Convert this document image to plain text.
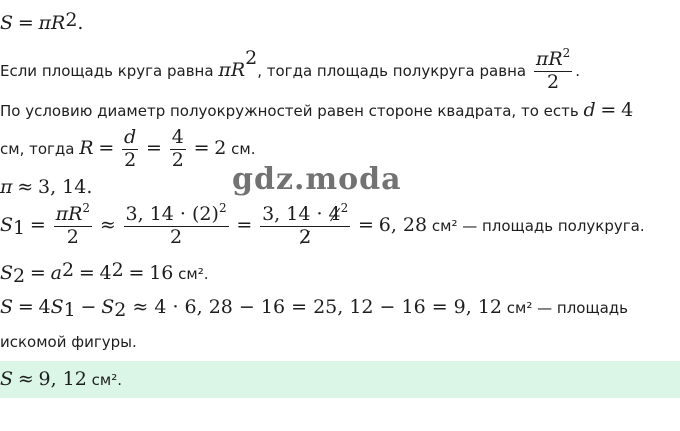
$S = \pi R^2$.
Если площадь круга равна $\pi R^2$, тогда площадь полукруга равна $\frac{\pi R^2}{2}$ .
По условию диаметр полуокружностей равен стороне квадрата, то есть d = 4
см, тогда $R = \frac{d}{2} = \frac{4}{2} = 2$ см.
π ≈ 3, 14.	gdz.moda
$S_1 = \frac{\pi R^2}{2} \approx \frac{3, 14 \cdot (2)^2}{2} = \frac{3, 14 \cdot 4^2}{2} = 6$, 28 см² — площадь полукруга.
$S_2 = a^2 = 4^2 = 16$ см².
$S = 4S_1 - S_2 \approx 4 \cdot 6$, 28 − 16 = 25, 12 − 16 = 9, 12 см² — площадь
искомой фигуры.
S ≈ 9, 12 см².
